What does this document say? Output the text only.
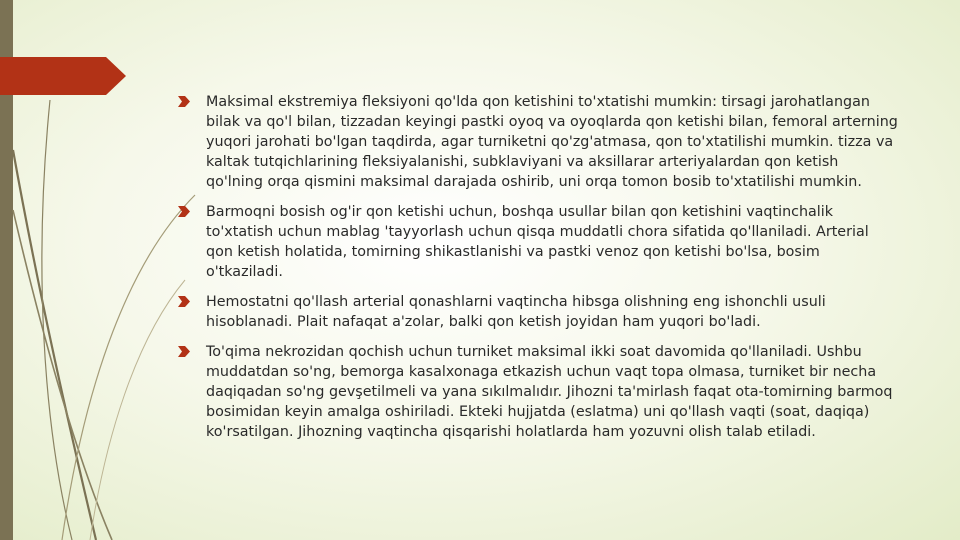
Maksimal ekstremiya fleksiyoni qo'lda qon ketishini to'xtatishi mumkin: tirsagi jarohatlangan bilak va qo'l bilan, tizzadan keyingi pastki oyoq va oyoqlarda qon ketishi bilan, femoral arterning yuqori jarohati bo'lgan taqdirda, agar turniketni qo'zg'atmasa, qon to'xtatilishi mumkin. tizza va kaltak tutqichlarining fleksiyalanishi, subklaviyani va aksillarar arteriyalardan qon ketish qo'lning orqa qismini maksimal darajada oshirib, uni orqa tomon bosib to'xtatilishi mumkin.
Barmoqni bosish og'ir qon ketishi uchun, boshqa usullar bilan qon ketishini vaqtinchalik to'xtatish uchun mablag 'tayyorlash uchun qisqa muddatli chora sifatida qo'llaniladi. Arterial qon ketish holatida, tomirning shikastlanishi va pastki venoz qon ketishi bo'lsa, bosim o'tkaziladi.
Hemostatni qo'llash arterial qonashlarni vaqtincha hibsga olishning eng ishonchli usuli hisoblanadi. Plait nafaqat a'zolar, balki qon ketish joyidan ham yuqori bo'ladi.
To'qima nekrozidan qochish uchun turniket maksimal ikki soat davomida qo'llaniladi. Ushbu muddatdan so'ng, bemorga kasalxonaga etkazish uchun vaqt topa olmasa, turniket bir necha daqiqadan so'ng gevşetilmeli va yana sıkılmalıdır. Jihozni ta'mirlash faqat ota-tomirning barmoq bosimidan keyin amalga oshiriladi. Ekteki hujjatda (eslatma) uni qo'llash vaqti (soat, daqiqa) ko'rsatilgan. Jihozning vaqtincha qisqarishi holatlarda ham yozuvni olish talab etiladi.
